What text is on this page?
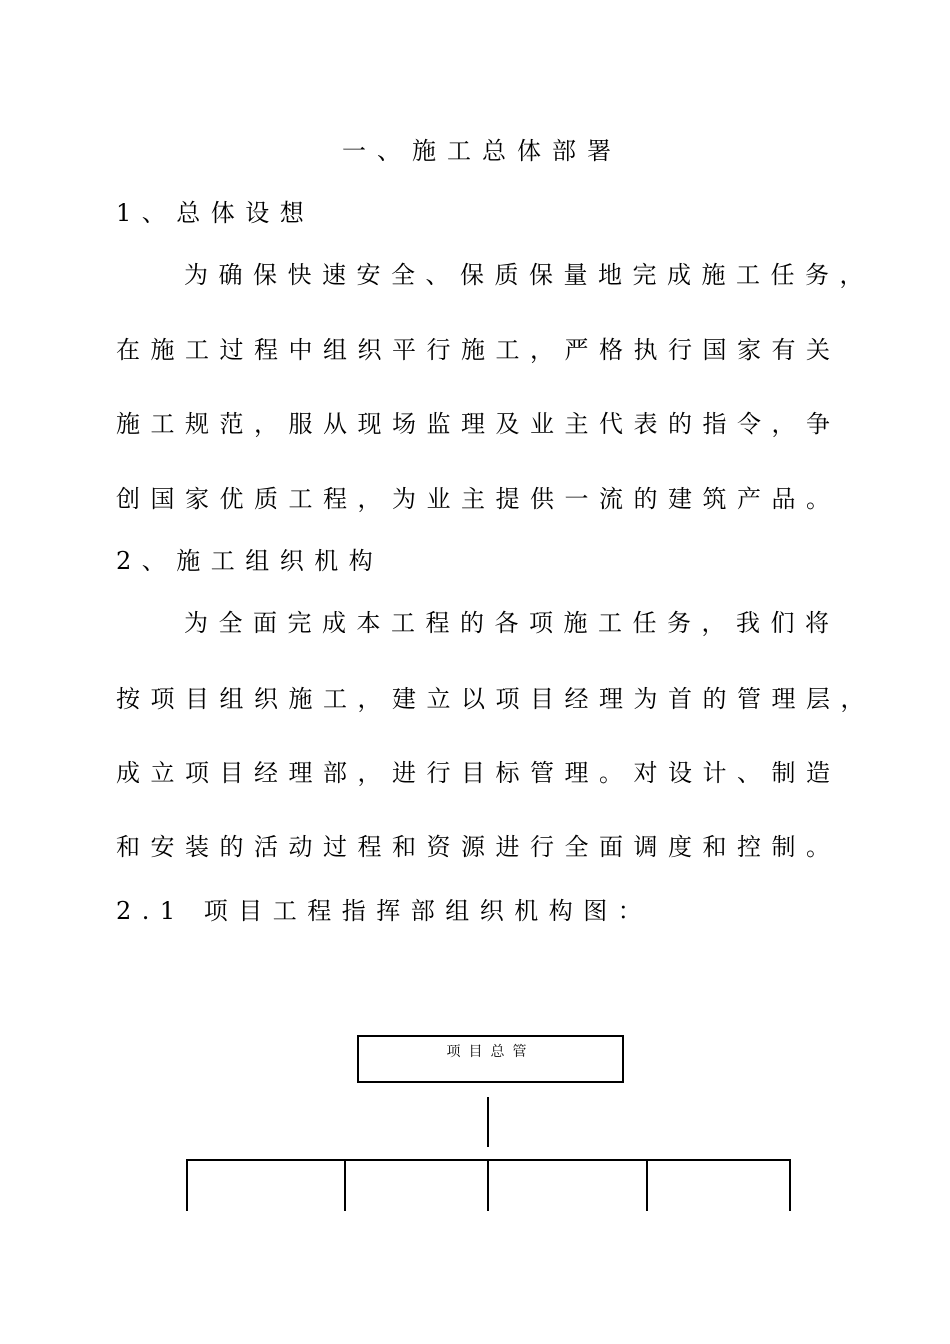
一、施工总体部署
1、总体设想
为确保快速安全、保质保量地完成施工任务，
在施工过程中组织平行施工，严格执行国家有关
施工规范，服从现场监理及业主代表的指令，争
创国家优质工程，为业主提供一流的建筑产品。
2、施工组织机构
为全面完成本工程的各项施工任务，我们将
按项目组织施工，建立以项目经理为首的管理层，
成立项目经理部，进行目标管理。对设计、制造
和安装的活动过程和资源进行全面调度和控制。
2.1 项目工程指挥部组织机构图：
项目总管
